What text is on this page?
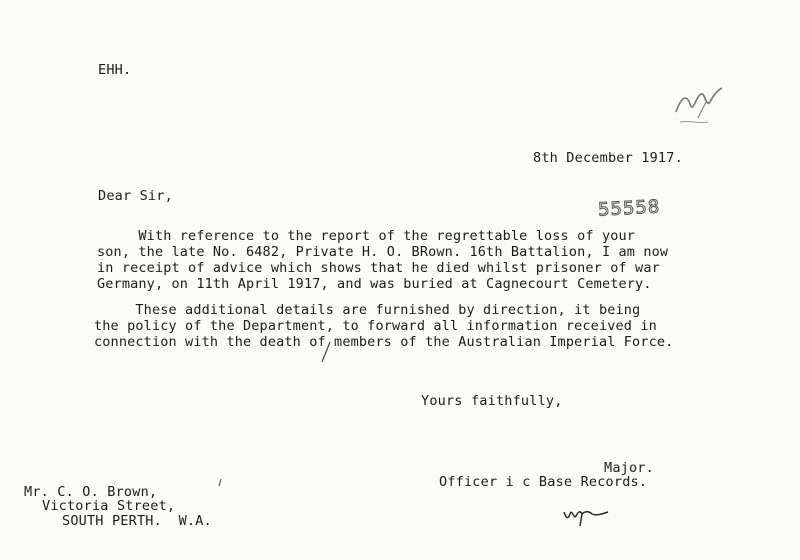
EHH.
8th December 1917.
Dear Sir,
55558
With reference to the report of the regrettable loss of your
son, the late No. 6482, Private H. O. BRown. 16th Battalion, I am now
in receipt of advice which shows that he died whilst prisoner of war
Germany, on 11th April 1917, and was buried at Cagnecourt Cemetery.
These additional details are furnished by direction, it being
the policy of the Department, to forward all information received in
connection with the death of members of the Australian Imperial Force.
Yours faithfully,
Major.
Officer i c Base Records.
Mr. C. O. Brown,
Victoria Street,
SOUTH PERTH.  W.A.
